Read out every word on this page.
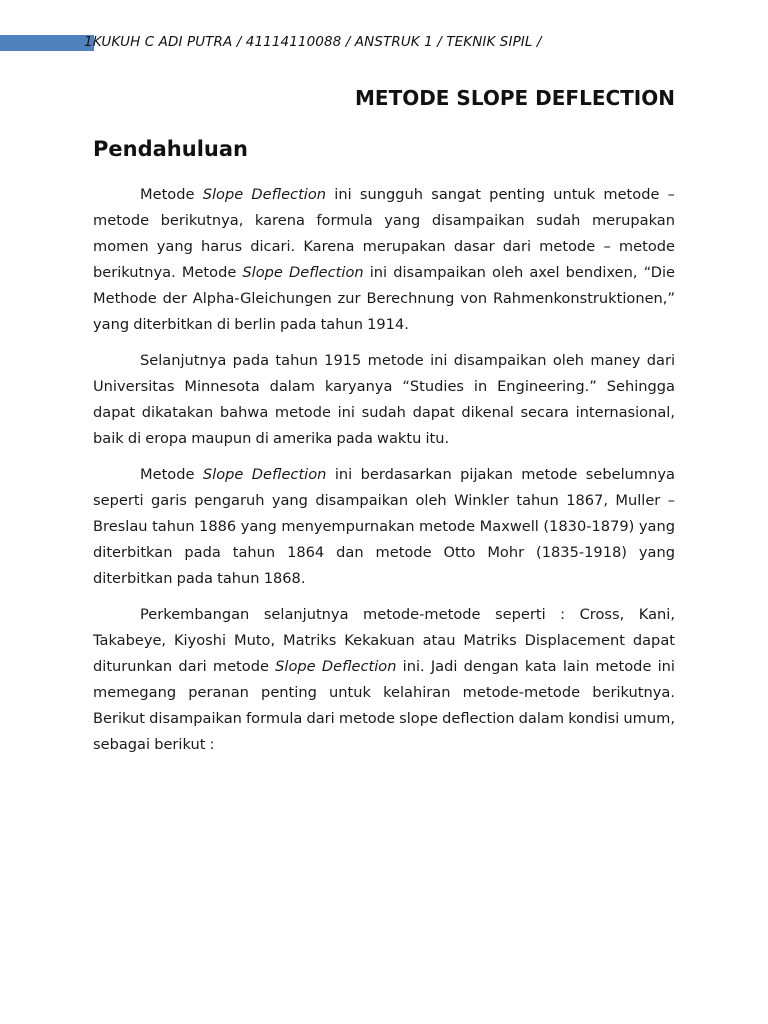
1KUKUH C ADI PUTRA / 41114110088 / ANSTRUK 1 / TEKNIK SIPIL /
METODE SLOPE DEFLECTION
Pendahuluan

Metode Slope Deflection ini sungguh sangat penting untuk metode – metode berikutnya, karena formula yang disampaikan sudah merupakan momen yang harus dicari. Karena merupakan dasar dari metode – metode berikutnya. Metode Slope Deflection ini disampaikan oleh axel bendixen, “Die Methode der Alpha-Gleichungen zur Berechnung von Rahmenkonstruktionen,” yang diterbitkan di berlin pada tahun 1914.

Selanjutnya pada tahun 1915 metode ini disampaikan oleh maney dari Universitas Minnesota dalam karyanya “Studies in Engineering.” Sehingga dapat dikatakan bahwa metode ini sudah dapat dikenal secara internasional, baik di eropa maupun di amerika pada waktu itu.

Metode Slope Deflection ini berdasarkan pijakan metode sebelumnya seperti garis pengaruh yang disampaikan oleh Winkler tahun 1867, Muller – Breslau tahun 1886 yang menyempurnakan metode Maxwell (1830-1879) yang diterbitkan pada tahun 1864 dan metode Otto Mohr (1835-1918) yang diterbitkan pada tahun 1868.

Perkembangan selanjutnya metode-metode seperti : Cross, Kani, Takabeye, Kiyoshi Muto, Matriks Kekakuan atau Matriks Displacement dapat diturunkan dari metode Slope Deflection ini. Jadi dengan kata lain metode ini memegang peranan penting untuk kelahiran metode-metode berikutnya. Berikut disampaikan formula dari metode slope deflection dalam kondisi umum, sebagai berikut :
